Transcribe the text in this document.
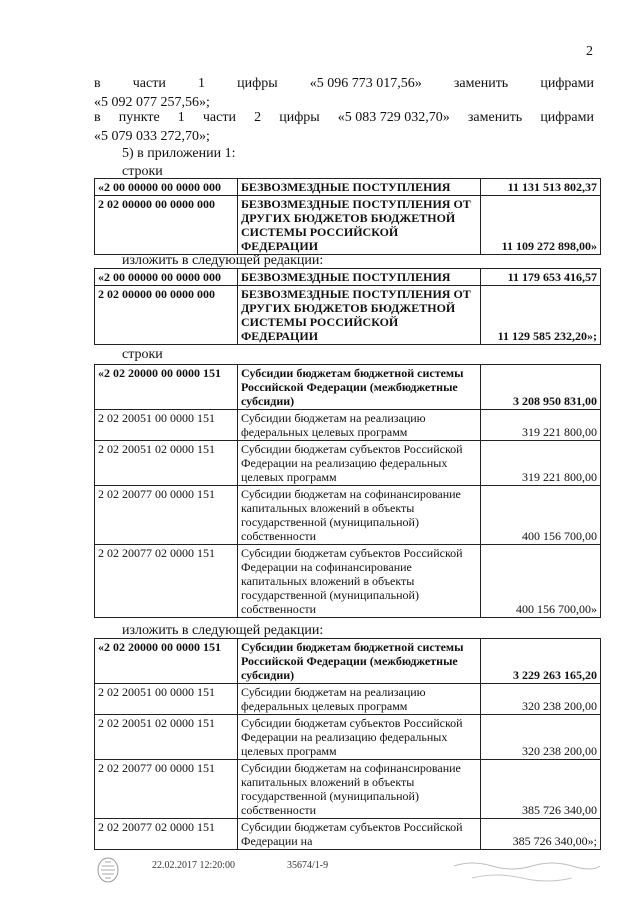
2
в части 1 цифры «5 096 773 017,56» заменить цифрами
«5 092 077 257,56»;
в пункте 1 части 2 цифры «5 083 729 032,70» заменить цифрами
«5 079 033 272,70»;
5) в приложении 1:
строки
«2 00 00000 00 0000 000	БЕЗВОЗМЕЗДНЫЕ ПОСТУПЛЕНИЯ	11 131 513 802,37
2 02 00000 00 0000 000	БЕЗВОЗМЕЗДНЫЕ ПОСТУПЛЕНИЯ ОТ ДРУГИХ БЮДЖЕТОВ БЮДЖЕТНОЙ СИСТЕМЫ РОССИЙСКОЙ ФЕДЕРАЦИИ	11 109 272 898,00»
изложить в следующей редакции:
«2 00 00000 00 0000 000	БЕЗВОЗМЕЗДНЫЕ ПОСТУПЛЕНИЯ	11 179 653 416,57
2 02 00000 00 0000 000	БЕЗВОЗМЕЗДНЫЕ ПОСТУПЛЕНИЯ ОТ ДРУГИХ БЮДЖЕТОВ БЮДЖЕТНОЙ СИСТЕМЫ РОССИЙСКОЙ ФЕДЕРАЦИИ	11 129 585 232,20»;
строки
«2 02 20000 00 0000 151	Субсидии бюджетам бюджетной системы Российской Федерации (межбюджетные субсидии)	3 208 950 831,00
2 02 20051 00 0000 151	Субсидии бюджетам на реализацию федеральных целевых программ	319 221 800,00
2 02 20051 02 0000 151	Субсидии бюджетам субъектов Российской Федерации на реализацию федеральных целевых программ	319 221 800,00
2 02 20077 00 0000 151	Субсидии бюджетам на софинансирование капитальных вложений в объекты государственной (муниципальной) собственности	400 156 700,00
2 02 20077 02 0000 151	Субсидии бюджетам субъектов Российской Федерации на софинансирование капитальных вложений в объекты государственной (муниципальной) собственности	400 156 700,00»
изложить в следующей редакции:
«2 02 20000 00 0000 151	Субсидии бюджетам бюджетной системы Российской Федерации (межбюджетные субсидии)	3 229 263 165,20
2 02 20051 00 0000 151	Субсидии бюджетам на реализацию федеральных целевых программ	320 238 200,00
2 02 20051 02 0000 151	Субсидии бюджетам субъектов Российской Федерации на реализацию федеральных целевых программ	320 238 200,00
2 02 20077 00 0000 151	Субсидии бюджетам на софинансирование капитальных вложений в объекты государственной (муниципальной) собственности	385 726 340,00
2 02 20077 02 0000 151	Субсидии бюджетам субъектов Российской Федерации на	385 726 340,00»;
22.02.2017 12:20:00	35674/1-9
